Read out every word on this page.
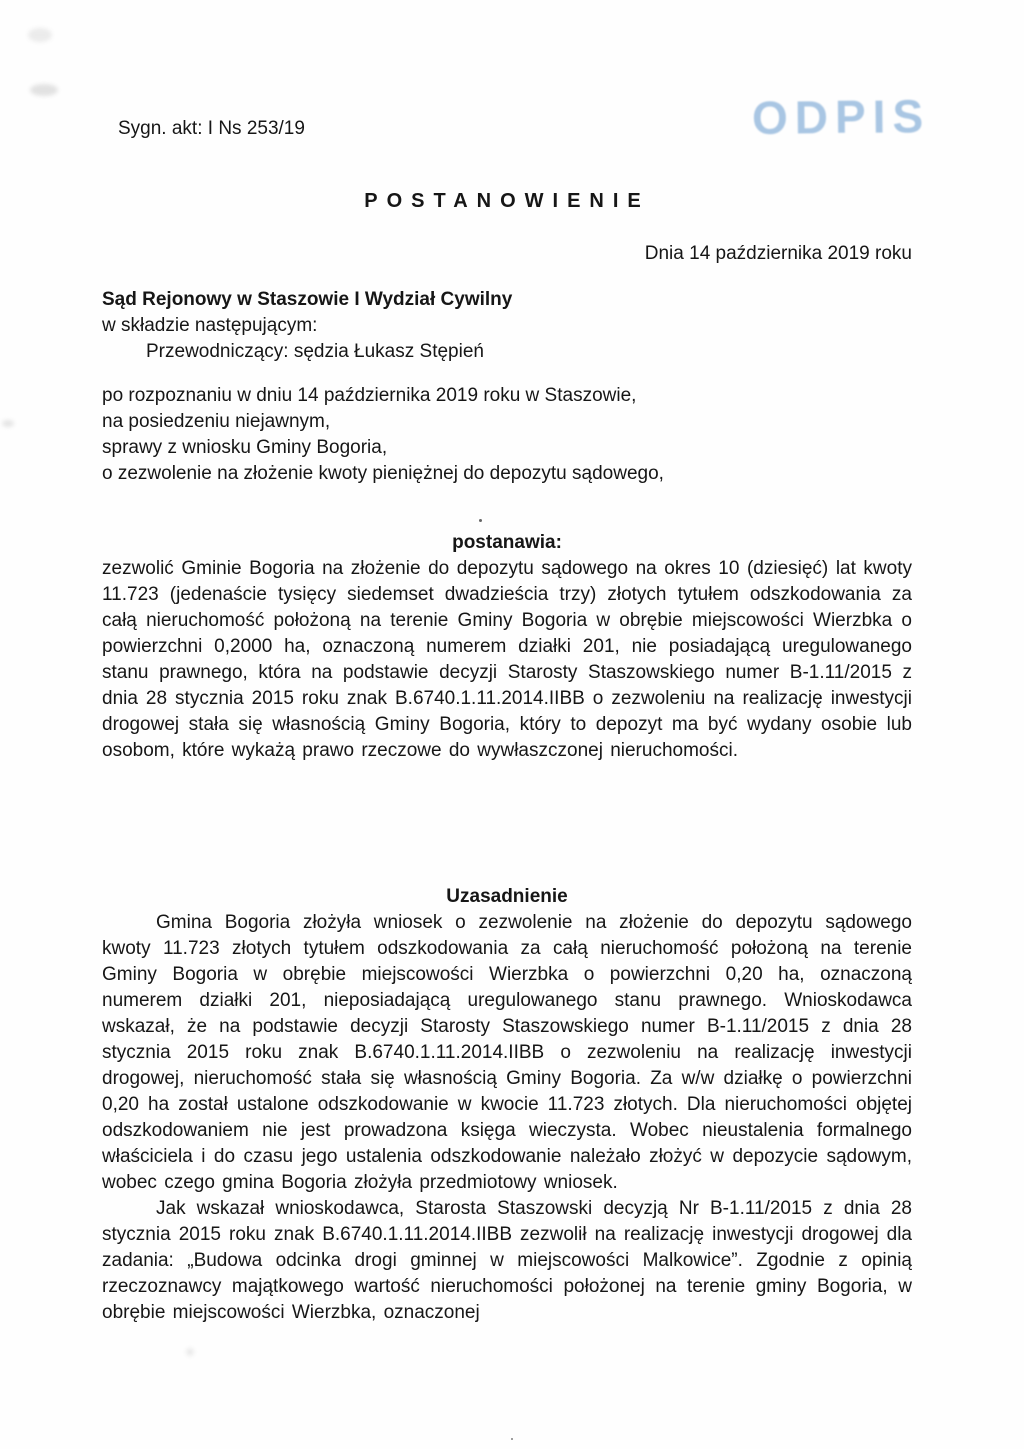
ODPIS
Sygn. akt: I Ns 253/19
POSTANOWIENIE
Dnia 14 października 2019 roku
Sąd Rejonowy w Staszowie I Wydział Cywilny
w składzie następującym:
Przewodniczący: sędzia Łukasz Stępień
po rozpoznaniu w dniu 14 października 2019 roku w Staszowie,
na posiedzeniu niejawnym,
sprawy z wniosku Gminy Bogoria,
o zezwolenie na złożenie kwoty pieniężnej do depozytu sądowego,
postanawia:
zezwolić Gminie Bogoria na złożenie do depozytu sądowego na okres 10 (dziesięć) lat kwoty 11.723 (jedenaście tysięcy siedemset dwadzieścia trzy) złotych tytułem odszkodowania za całą nieruchomość położoną na terenie Gminy Bogoria w obrębie miejscowości Wierzbka o powierzchni 0,2000 ha, oznaczoną numerem działki 201, nie posiadającą uregulowanego stanu prawnego, która na podstawie decyzji Starosty Staszowskiego numer B-1.11/2015 z dnia 28 stycznia 2015 roku znak B.6740.1.11.2014.IIBB o zezwoleniu na realizację inwestycji drogowej stała się własnością Gminy Bogoria, który to depozyt ma być wydany osobie lub osobom, które wykażą prawo rzeczowe do wywłaszczonej nieruchomości.
Uzasadnienie
Gmina Bogoria złożyła wniosek o zezwolenie na złożenie do depozytu sądowego kwoty 11.723 złotych tytułem odszkodowania za całą nieruchomość położoną na terenie Gminy Bogoria w obrębie miejscowości Wierzbka o powierzchni 0,20 ha, oznaczoną numerem działki 201, nieposiadającą uregulowanego stanu prawnego. Wnioskodawca wskazał, że na podstawie decyzji Starosty Staszowskiego numer B-1.11/2015 z dnia 28 stycznia 2015 roku znak B.6740.1.11.2014.IIBB o zezwoleniu na realizację inwestycji drogowej, nieruchomość stała się własnością Gminy Bogoria. Za w/w działkę o powierzchni 0,20 ha został ustalone odszkodowanie w kwocie 11.723 złotych. Dla nieruchomości objętej odszkodowaniem nie jest prowadzona księga wieczysta. Wobec nieustalenia formalnego właściciela i do czasu jego ustalenia odszkodowanie należało złożyć w depozycie sądowym, wobec czego gmina Bogoria złożyła przedmiotowy wniosek.
Jak wskazał wnioskodawca, Starosta Staszowski decyzją Nr B-1.11/2015 z dnia 28 stycznia 2015 roku znak B.6740.1.11.2014.IIBB zezwolił na realizację inwestycji drogowej dla zadania: „Budowa odcinka drogi gminnej w miejscowości Malkowice”. Zgodnie z opinią rzeczoznawcy majątkowego wartość nieruchomości położonej na terenie gminy Bogoria, w obrębie miejscowości Wierzbka, oznaczonej
